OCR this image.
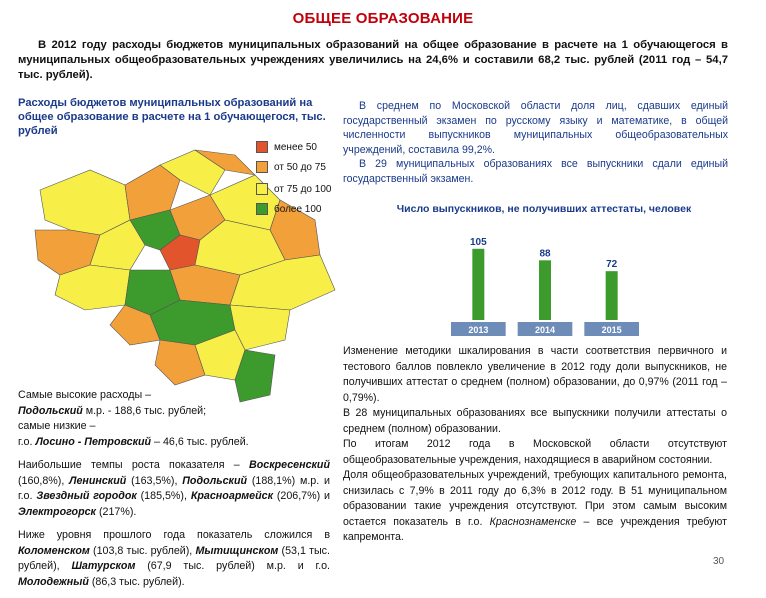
ОБЩЕЕ ОБРАЗОВАНИЕ
В 2012 году расходы бюджетов муниципальных образований на общее образование в расчете на 1 обучающегося в муниципальных общеобразовательных учреждениях увеличились на 24,6% и составили 68,2 тыс. рублей (2011 год – 54,7 тыс. рублей).
Расходы бюджетов муниципальных образований на общее образование в расчете на 1 обучающегося, тыс. рублей
менее 50
от 50 до 75
от 75 до 100
более 100

В среднем по Московской области доля лиц, сдавших единый государственный экзамен по русскому языку и математике, в общей численности выпускников муниципальных общеобразовательных учреждений, составила 99,2%.

В 29 муниципальных образованиях все выпускники сдали единый государственный экзамен.

Число выпускников, не получивших аттестаты, человек
105
2013
88
2014
72
2015

Самые высокие расходы –
Подольский м.р. - 188,6 тыс. рублей;
самые низкие –
г.о. Лосино - Петровский – 46,6 тыс. рублей.

Наибольшие темпы роста показателя – Воскресенский (160,8%), Ленинский (163,5%), Подольский (188,1%) м.р. и г.о. Звездный городок (185,5%), Красноармейск (206,7%) и Электрогорск (217%).

Ниже уровня прошлого года показатель сложился в Коломенском (103,8 тыс. рублей), Мытищинском (53,1 тыс. рублей), Шатурском (67,9 тыс. рублей) м.р. и г.о. Молодежный (86,3 тыс. рублей).

Изменение методики шкалирования в части соответствия первичного и тестового баллов повлекло увеличение в 2012 году доли выпускников, не получивших аттестат о среднем (полном) образовании, до 0,97% (2011 год – 0,79%).

В 28 муниципальных образованиях все выпускники получили аттестаты о среднем (полном) образовании.

По итогам 2012 года в Московской области отсутствуют общеобразовательные учреждения, находящиеся в аварийном состоянии.

Доля общеобразовательных учреждений, требующих капитального ремонта, снизилась с 7,9% в 2011 году до 6,3% в 2012 году. В 51 муниципальном образовании такие учреждения отсутствуют. При этом самым высоким остается показатель в г.о. Краснознаменске – все учреждения требуют капремонта.

30
